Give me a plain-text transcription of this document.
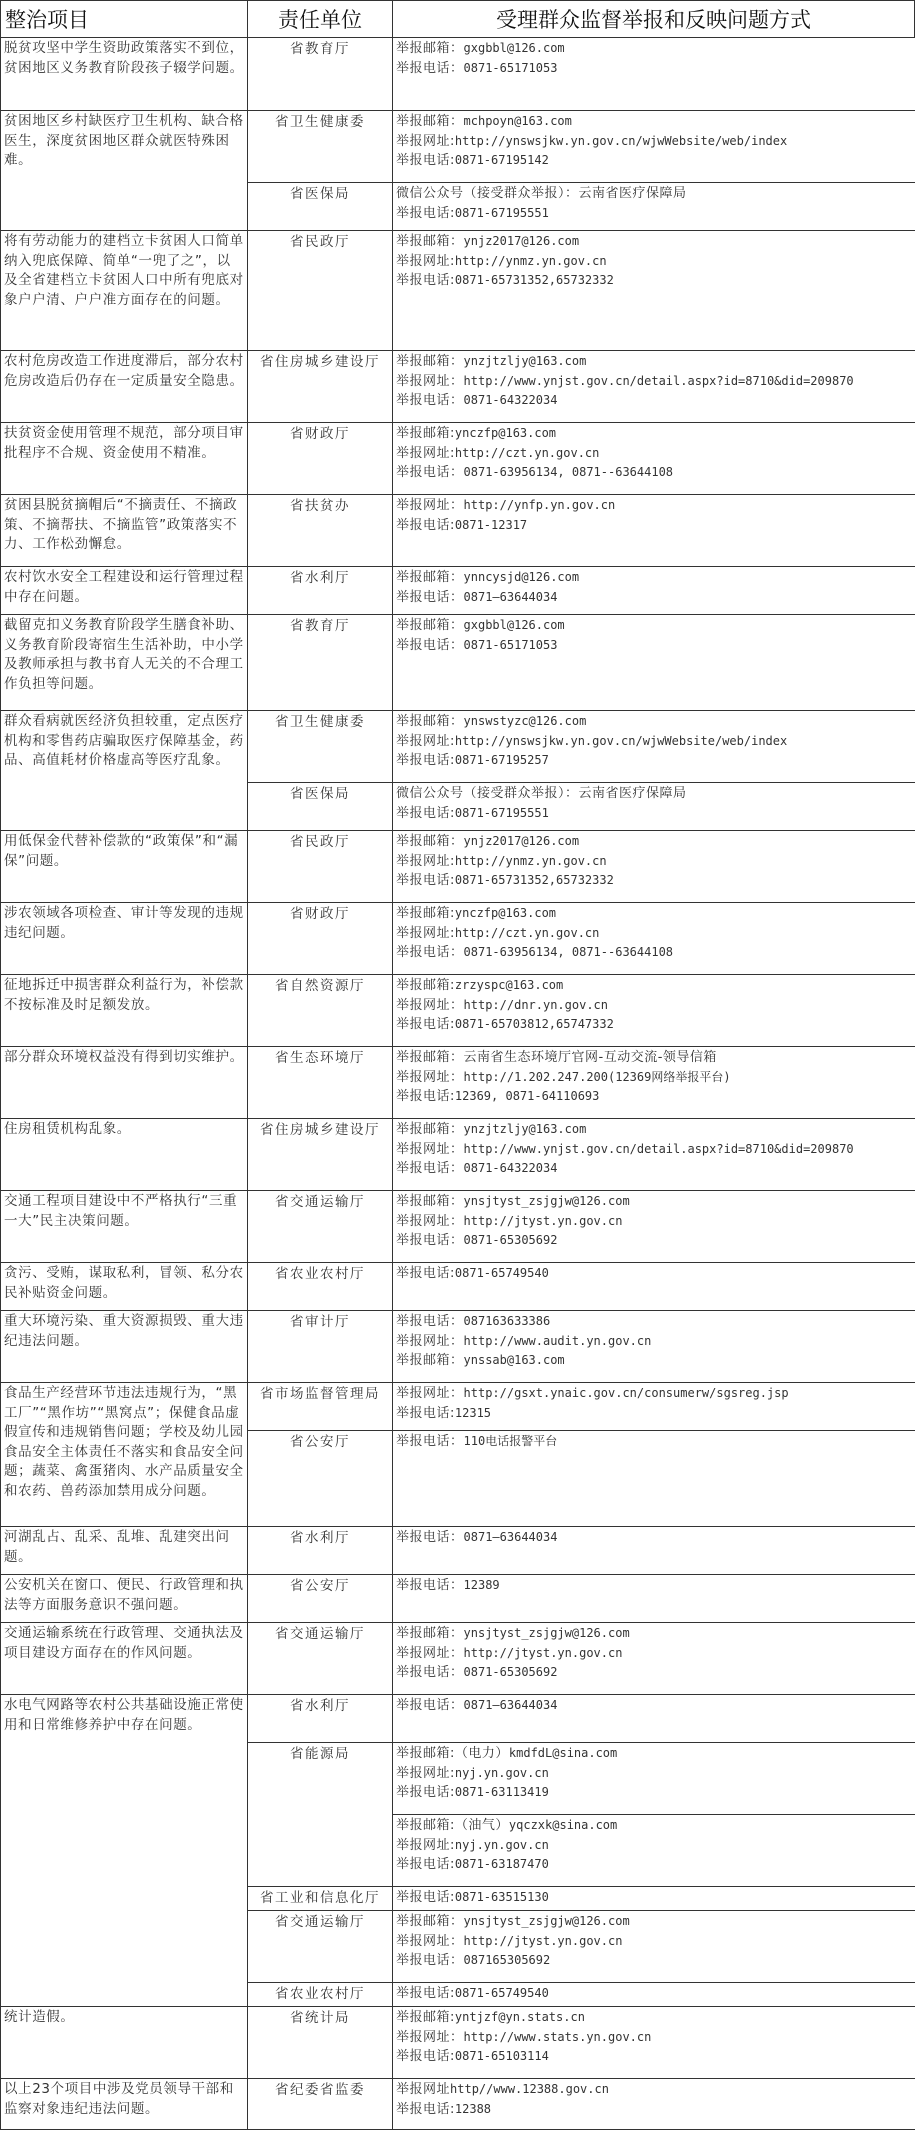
整治项目	责任单位	受理群众监督举报和反映问题方式
脱贫攻坚中学生资助政策落实不到位，贫困地区义务教育阶段孩子辍学问题。
省教育厅	举报邮箱：gxgbbl@126.com
举报电话：0871-65171053
贫困地区乡村缺医疗卫生机构、缺合格医生，深度贫困地区群众就医特殊困难。
省卫生健康委	举报邮箱：mchpoyn@163.com
举报网址:http://ynswsjkw.yn.gov.cn/wjwWebsite/web/index
举报电话:0871-67195142
省医保局	微信公众号（接受群众举报）：云南省医疗保障局
举报电话:0871-67195551
将有劳动能力的建档立卡贫困人口简单纳入兜底保障、简单“一兜了之”，以及全省建档立卡贫困人口中所有兜底对象户户清、户户准方面存在的问题。
省民政厅	举报邮箱：ynjz2017@126.com
举报网址:http://ynmz.yn.gov.cn
举报电话:0871-65731352,65732332
农村危房改造工作进度滞后，部分农村危房改造后仍存在一定质量安全隐患。
省住房城乡建设厅	举报邮箱：ynzjtzljy@163.com
举报网址：http://www.ynjst.gov.cn/detail.aspx?id=8710&did=209870
举报电话：0871-64322034
扶贫资金使用管理不规范，部分项目审批程序不合规、资金使用不精准。
省财政厅	举报邮箱:ynczfp@163.com
举报网址:http://czt.yn.gov.cn
举报电话：0871-63956134, 0871--63644108
贫困县脱贫摘帽后“不摘责任、不摘政策、不摘帮扶、不摘监管”政策落实不力、工作松劲懈怠。
省扶贫办	举报网址：http://ynfp.yn.gov.cn
举报电话:0871-12317
农村饮水安全工程建设和运行管理过程中存在问题。
省水利厅	举报邮箱：ynncysjd@126.com
举报电话：0871—63644034
截留克扣义务教育阶段学生膳食补助、义务教育阶段寄宿生生活补助，中小学及教师承担与教书育人无关的不合理工作负担等问题。
省教育厅	举报邮箱：gxgbbl@126.com
举报电话：0871-65171053
群众看病就医经济负担较重，定点医疗机构和零售药店骗取医疗保障基金，药品、高值耗材价格虚高等医疗乱象。
省卫生健康委	举报邮箱：ynswstyzc@126.com
举报网址:http://ynswsjkw.yn.gov.cn/wjwWebsite/web/index
举报电话:0871-67195257
省医保局	微信公众号（接受群众举报）：云南省医疗保障局
举报电话:0871-67195551
用低保金代替补偿款的“政策保”和“漏保”问题。
省民政厅	举报邮箱：ynjz2017@126.com
举报网址:http://ynmz.yn.gov.cn
举报电话:0871-65731352,65732332
涉农领域各项检查、审计等发现的违规违纪问题。
省财政厅	举报邮箱:ynczfp@163.com
举报网址:http://czt.yn.gov.cn
举报电话：0871-63956134, 0871--63644108
征地拆迁中损害群众利益行为，补偿款不按标准及时足额发放。
省自然资源厅	举报邮箱:zrzyspc@163.com
举报网址：http://dnr.yn.gov.cn
举报电话:0871-65703812,65747332
部分群众环境权益没有得到切实维护。	省生态环境厅	举报邮箱：云南省生态环境厅官网-互动交流-领导信箱
举报网址：http://1.202.247.200(12369网络举报平台)
举报电话:12369, 0871-64110693
住房租赁机构乱象。	省住房城乡建设厅	举报邮箱：ynzjtzljy@163.com
举报网址：http://www.ynjst.gov.cn/detail.aspx?id=8710&did=209870
举报电话：0871-64322034
交通工程项目建设中不严格执行“三重一大”民主决策问题。
省交通运输厅	举报邮箱：ynsjtyst_zsjgjw@126.com
举报网址：http://jtyst.yn.gov.cn
举报电话：0871-65305692
贪污、受贿，谋取私利，冒领、私分农民补贴资金问题。
省农业农村厅	举报电话:0871-65749540
重大环境污染、重大资源损毁、重大违纪违法问题。
省审计厅	举报电话：087163633386
举报网址：http://www.audit.yn.gov.cn
举报邮箱：ynssab@163.com
食品生产经营环节违法违规行为，“黑工厂”“黑作坊”“黑窝点”；保健食品虚假宣传和违规销售问题；学校及幼儿园食品安全主体责任不落实和食品安全问题；蔬菜、禽蛋猪肉、水产品质量安全和农药、兽药添加禁用成分问题。
省市场监督管理局	举报网址：http://gsxt.ynaic.gov.cn/consumerw/sgsreg.jsp
举报电话:12315
省公安厅	举报电话：110电话报警平台
河湖乱占、乱采、乱堆、乱建突出问题。
省水利厅	举报电话：0871—63644034
公安机关在窗口、便民、行政管理和执法等方面服务意识不强问题。
省公安厅	举报电话：12389
交通运输系统在行政管理、交通执法及项目建设方面存在的作风问题。
省交通运输厅	举报邮箱：ynsjtyst_zsjgjw@126.com
举报网址：http://jtyst.yn.gov.cn
举报电话：0871-65305692
水电气网路等农村公共基础设施正常使用和日常维修养护中存在问题。
省水利厅	举报电话：0871—63644034
省能源局	举报邮箱:（电力）kmdfdL@sina.com
举报网址:nyj.yn.gov.cn
举报电话:0871-63113419
举报邮箱:（油气）yqczxk@sina.com
举报网址:nyj.yn.gov.cn
举报电话:0871-63187470
省工业和信息化厅	举报电话:0871-63515130
省交通运输厅	举报邮箱：ynsjtyst_zsjgjw@126.com
举报网址：http://jtyst.yn.gov.cn
举报电话：087165305692
省农业农村厅	举报电话:0871-65749540
统计造假。	省统计局	举报邮箱:yntjzf@yn.stats.cn
举报网址：http://www.stats.yn.gov.cn
举报电话:0871-65103114
以上23个项目中涉及党员领导干部和监察对象违纪违法问题。
省纪委省监委	举报网址http//www.12388.gov.cn
举报电话:12388
